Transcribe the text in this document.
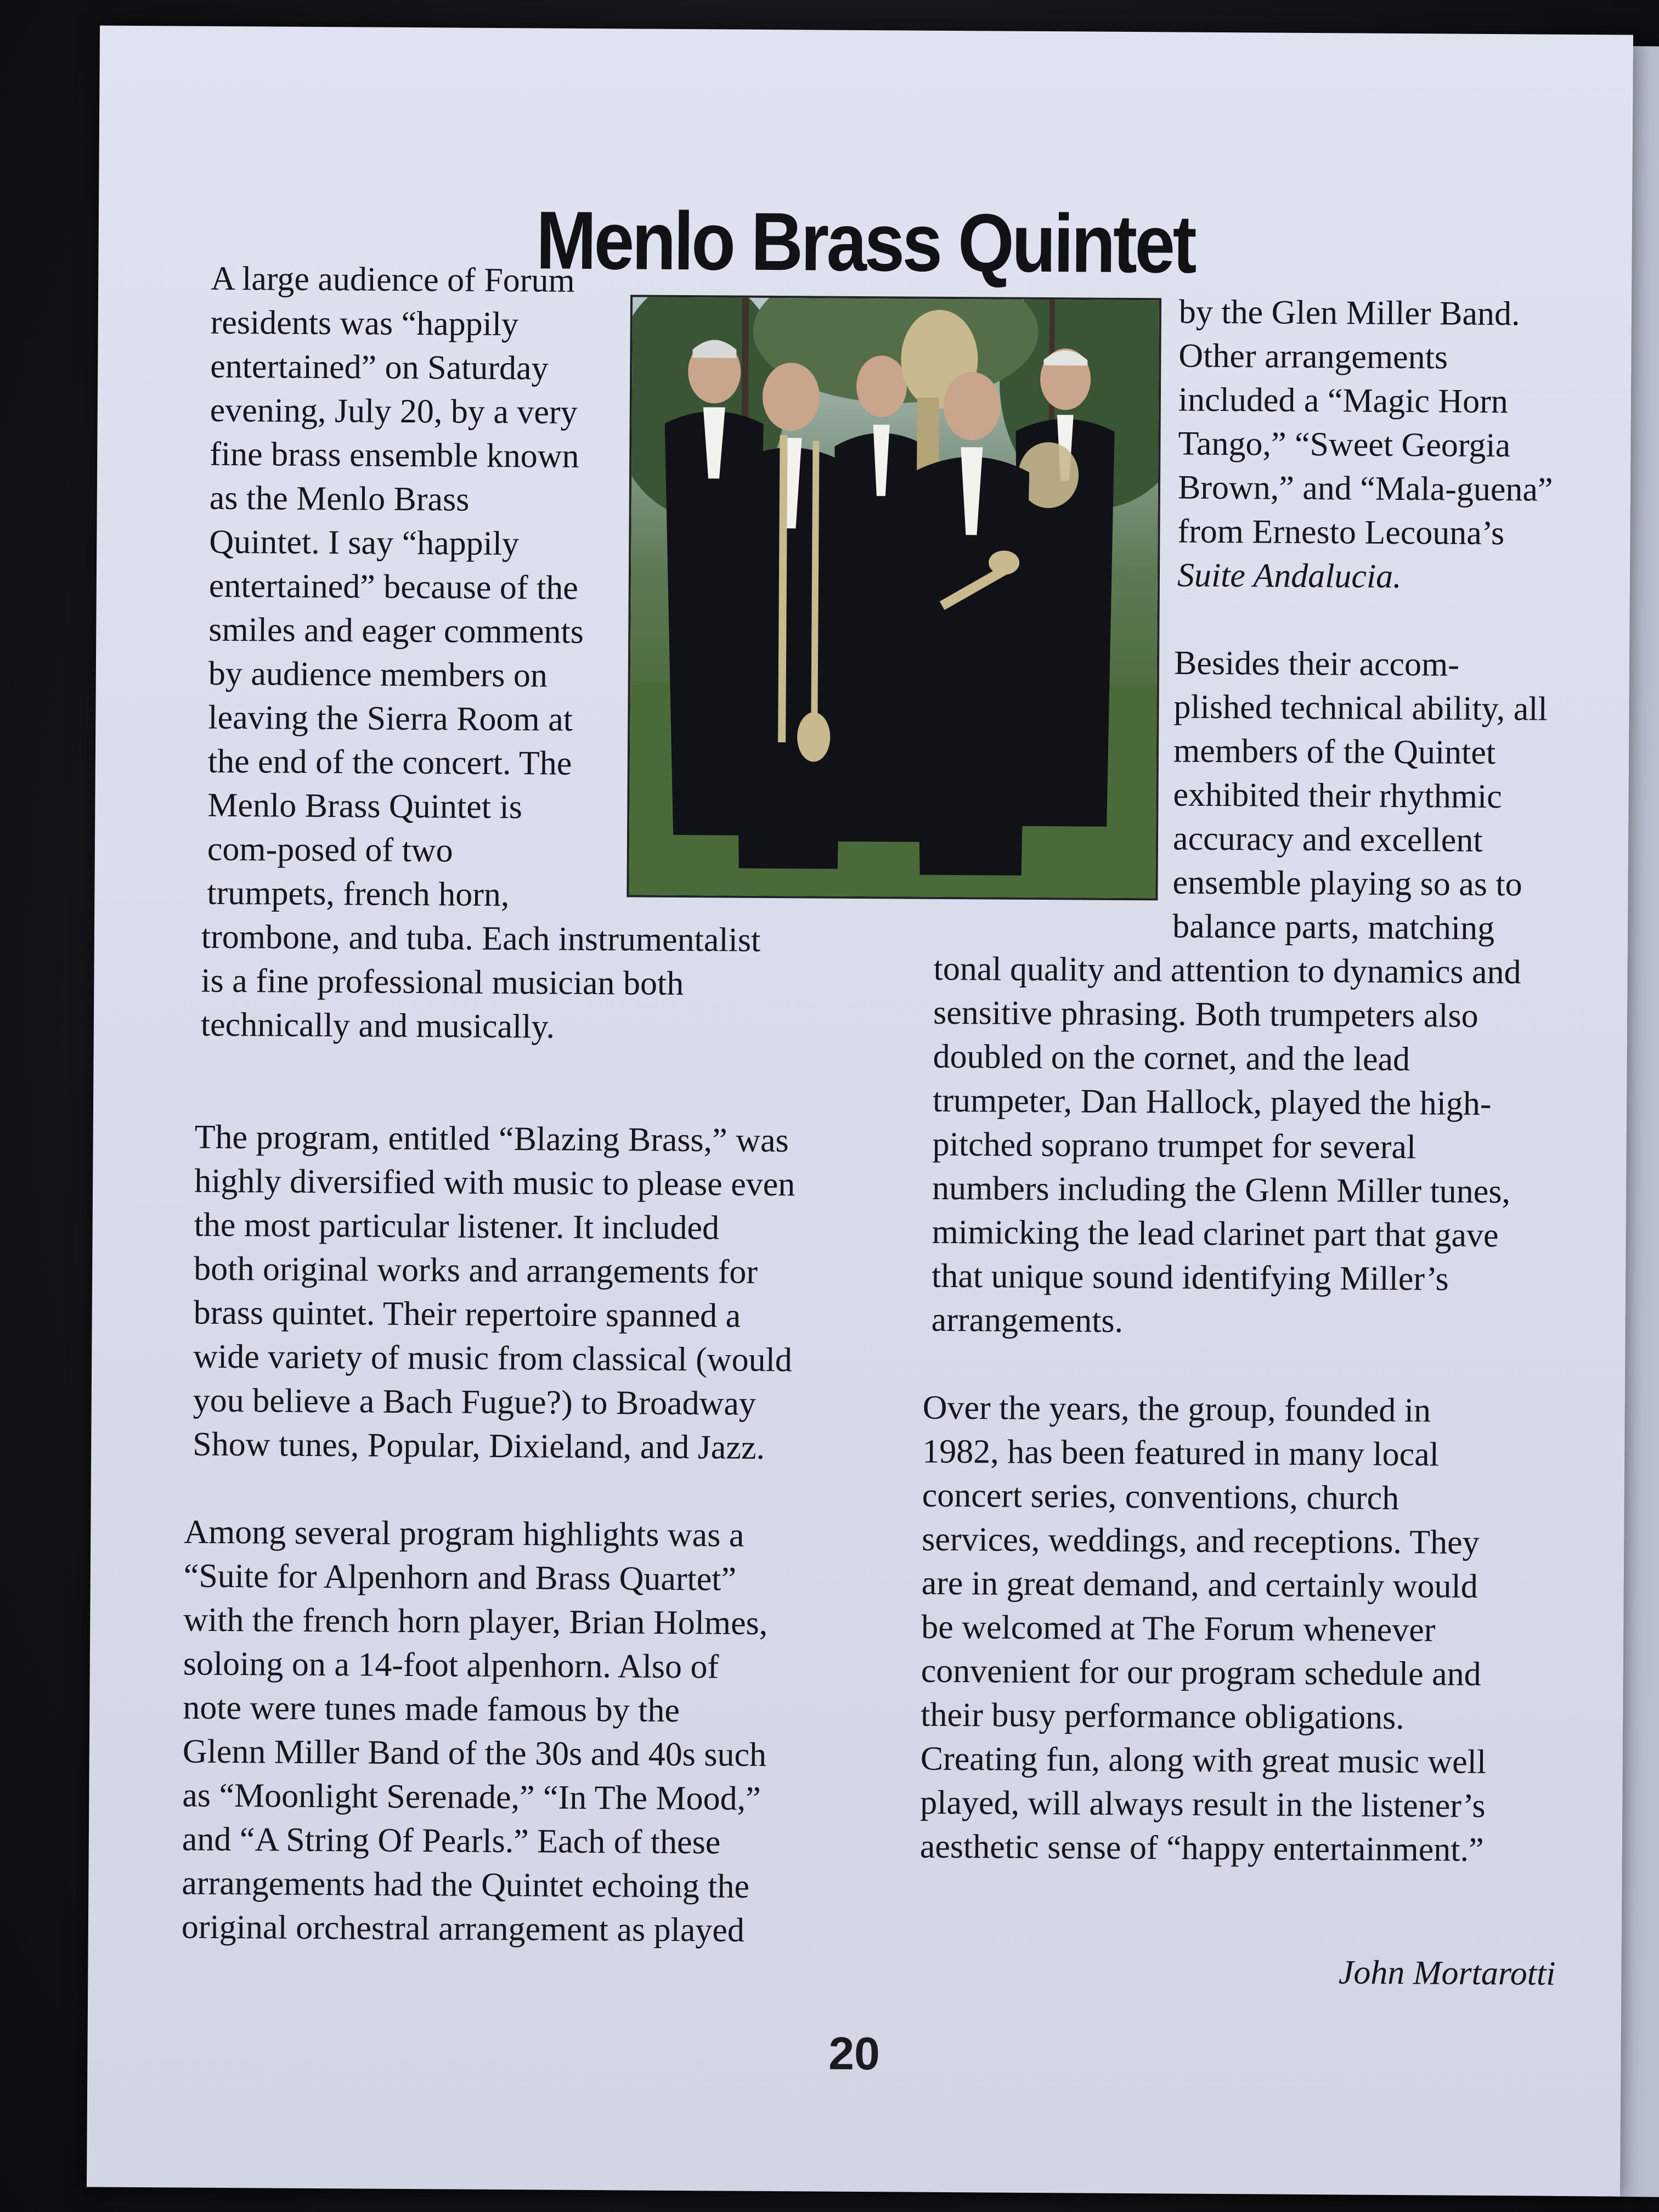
Menlo Brass Quintet
A large audience of Forum
residents was “happily
entertained” on Saturday
evening, July 20, by a very
fine brass ensemble known
as the Menlo Brass
Quintet. I say “happily
entertained” because of the
smiles and eager comments
by audience members on
leaving the Sierra Room at
the end of the concert. The
Menlo Brass Quintet is
com-posed of two
trumpets, french horn,
trombone, and tuba. Each instrumentalist
is a fine professional musician both
technically and musically.
The program, entitled “Blazing Brass,” was
highly diversified with music to please even
the most particular listener. It included
both original works and arrangements for
brass quintet. Their repertoire spanned a
wide variety of music from classical (would
you believe a Bach Fugue?) to Broadway
Show tunes, Popular, Dixieland, and Jazz.
Among several program highlights was a
“Suite for Alpenhorn and Brass Quartet”
with the french horn player, Brian Holmes,
soloing on a 14-foot alpenhorn. Also of
note were tunes made famous by the
Glenn Miller Band of the 30s and 40s such
as “Moonlight Serenade,” “In The Mood,”
and “A String Of Pearls.” Each of these
arrangements had the Quintet echoing the
original orchestral arrangement as played
by the Glen Miller Band.
Other arrangements
included a “Magic Horn
Tango,” “Sweet Georgia
Brown,” and “Mala-guena”
from Ernesto Lecouna’s
Suite Andalucia.
Besides their accom-
plished technical ability, all
members of the Quintet
exhibited their rhythmic
accuracy and excellent
ensemble playing so as to
balance parts, matching
tonal quality and attention to dynamics and
sensitive phrasing. Both trumpeters also
doubled on the cornet, and the lead
trumpeter, Dan Hallock, played the high-
pitched soprano trumpet for several
numbers including the Glenn Miller tunes,
mimicking the lead clarinet part that gave
that unique sound identifying Miller’s
arrangements.
Over the years, the group, founded in
1982, has been featured in many local
concert series, conventions, church
services, weddings, and receptions. They
are in great demand, and certainly would
be welcomed at The Forum whenever
convenient for our program schedule and
their busy performance obligations.
Creating fun, along with great music well
played, will always result in the listener’s
aesthetic sense of “happy entertainment.”
John Mortarotti
20
